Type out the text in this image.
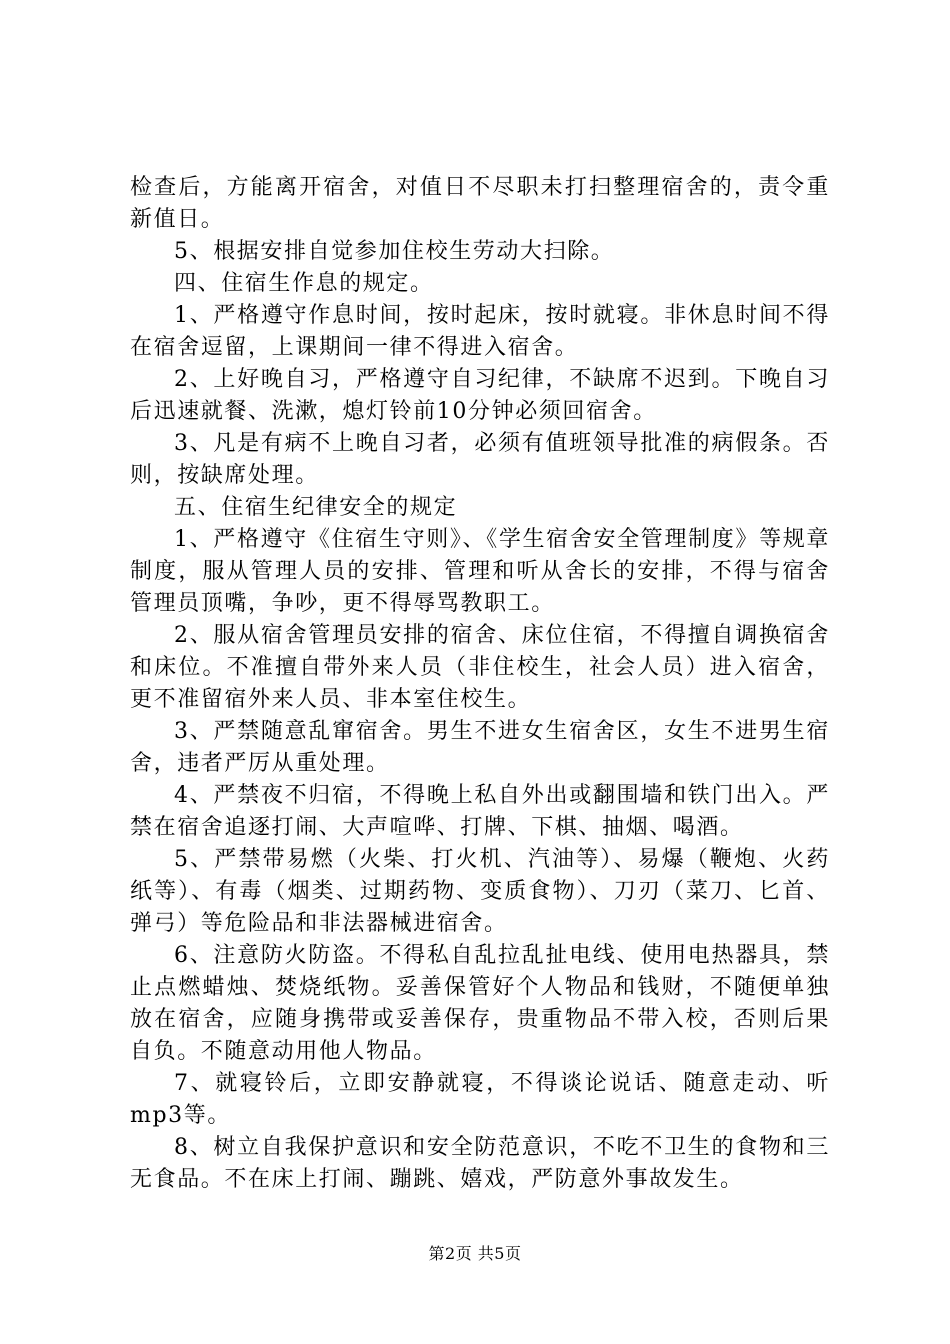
检查后，方能离开宿舍，对值日不尽职未打扫整理宿舍的，责令重新值日。

5、根据安排自觉参加住校生劳动大扫除。

四、住宿生作息的规定。

1、严格遵守作息时间，按时起床，按时就寝。非休息时间不得在宿舍逗留，上课期间一律不得进入宿舍。

2、上好晚自习，严格遵守自习纪律，不缺席不迟到。下晚自习后迅速就餐、洗漱，熄灯铃前10分钟必须回宿舍。

3、凡是有病不上晚自习者，必须有值班领导批准的病假条。否则，按缺席处理。

五、住宿生纪律安全的规定

1、严格遵守《住宿生守则》、《学生宿舍安全管理制度》等规章制度，服从管理人员的安排、管理和听从舍长的安排，不得与宿舍管理员顶嘴，争吵，更不得辱骂教职工。

2、服从宿舍管理员安排的宿舍、床位住宿，不得擅自调换宿舍和床位。不准擅自带外来人员（非住校生，社会人员）进入宿舍，更不准留宿外来人员、非本室住校生。

3、严禁随意乱窜宿舍。男生不进女生宿舍区，女生不进男生宿舍，违者严厉从重处理。

4、严禁夜不归宿，不得晚上私自外出或翻围墙和铁门出入。严禁在宿舍追逐打闹、大声喧哗、打牌、下棋、抽烟、喝酒。

5、严禁带易燃（火柴、打火机、汽油等）、易爆（鞭炮、火药纸等）、有毒（烟类、过期药物、变质食物）、刀刃（菜刀、匕首、弹弓）等危险品和非法器械进宿舍。

6、注意防火防盗。不得私自乱拉乱扯电线、使用电热器具，禁止点燃蜡烛、焚烧纸物。妥善保管好个人物品和钱财，不随便单独放在宿舍，应随身携带或妥善保存，贵重物品不带入校，否则后果自负。不随意动用他人物品。

7、就寝铃后，立即安静就寝，不得谈论说话、随意走动、听mp3等。

8、树立自我保护意识和安全防范意识，不吃不卫生的食物和三无食品。不在床上打闹、蹦跳、嬉戏，严防意外事故发生。

第2页 共5页
